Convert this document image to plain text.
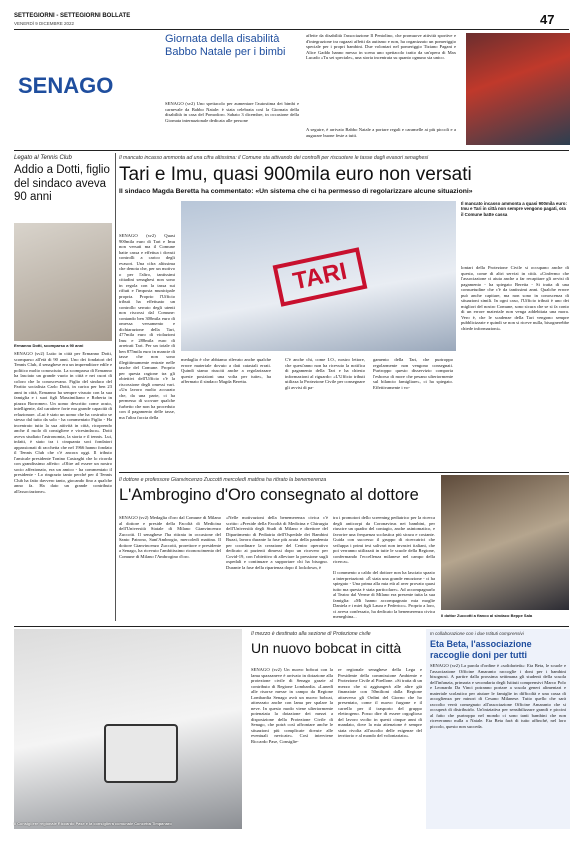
SETTEGIORNI - SETTEGIORNI BOLLATE
VENERDÌ 9 DICEMBRE 2022	47
SENAGO
Giornata della disabilità Babbo Natale per i bimbi
SENAGO (sv2) Uno spettacolo per aumentare l'autostima dei bimbi e carnevale da Babbo Natale: è stata celebrata così la Giornata della disabilità in casa del Pomodoro. Sabato 3 dicembre, in occasione della Giornata internazionale dedicata alle persone
affette da disabilità l'associazione Il Pentolino, che promuove attività sportive e d'integrazione tra ragazzi affetti da autismo e non, ha organizzato un pomeriggio speciale per i propri bambini. Due volontari nel pomeriggio Tiziano Pagani e Alice Gaddo hanno messo in scena uno spettacolo tratto da un'opera di Max Lucado «Tu sei speciale», una storia incentrata su quanto ognuno sia unico.
A seguire, è arrivato Babbo Natale a portare regali e caramelle ai più piccoli e a augurare buone feste a tutti.
Legato al Tennis Club
Addio a Dotti, figlio del sindaco aveva 90 anni
Ermanno Dotti, scomparso a 90 anni
SENAGO (sv2) Lutto in città per Ermanno Dotti, scomparso all'età di 90 anni. Uno dei fondatori del Tennis Club, il senaghese era un imprenditore edile e politico molto conosciuto. La scomparsa di Ermanno ha lasciato un grande vuoto in città e nei cuori di coloro che lo conoscevano. Figlio del sindaco del Partito socialista Carlo Dotti, in carica per ben 23 anni in città, Ermanno ha sempre vissuto con la sua famiglia e i suoi figli Massimiliano e Roberta in piazza Borromeo. Un uomo descritto come acuto, intelligente, dal carattere forte ma grande capacità di relazionare. «Lui è stato un uomo che ha costruito se stesso dal tutto da solo - ha commentato Figlio - Ha incentrato tutto la sua attività in città, ricoprendo anche il ruolo di consigliere e vicesindaco». Dotti aveva studiato l'astronomia, la storia e il tennis. Lui, infatti, è stato tra i cinquanta soci fondatori appassionati di racchetta che nel 1966 hanno fondato il Tennis Club che c'è ancora oggi. Il tributo l'amicale presidente Tonino Castraghi che lo ricorda con grandissimo affetto: «Oltre ad essere un nostro socio affezionato, era un amico - ha commentato il presidente - Lo ringrazio tanto perché per il Tennis Club ha fatto davvero tanto, giocando fino a qualche anno fa. Ha dato un grande contributo all'associazione».
Il mancato incasso ammonta ad una cifra altissima: il Comune sta attivando dei controlli per riscuotere le tasse dagli evasori senaghesi
Tari e Imu, quasi 900mila euro non versati
Il sindaco Magda Beretta ha commentato: «Un sistema che ci ha permesso di regolarizzare alcune situazioni»
SENAGO (sv2) Quasi 900mila euro di Tari e Imu non versati ma il Comune batte cassa e effettua i dovuti controlli a carico degli evasori. Una cifra altissima che denota che, per un motivo o per l'altro, tantissimi cittadini senaghesi non sono in regola con la tassa sui rifiuti e l'imposta municipale propria. Proprio l'Ufficio tributi ha effettuato un controllo serrato degli utenti non riscossi dal Comune: contando ben 300mila euro di omessa versamento e dichiarazione della Tari, 477mila euro di violazioni Imu e 288mila euro di arretrati Tari. Per un totale di ben 875mila euro in mancie di tasse che non sono illegittimamente entrate nelle tasche del Comune. Proprio per questa ragione tra gli obiettivi dell'Ufficio c'è la riscossione degli omessi vari. «Un lavoro molto accurato che, da una parte, ci ha permesso di scovare qualche furbetto che non ha proceduto con il pagamento delle tasse, ma l'altra faccia della
TARI
Il mancato incasso ammonta a quasi 900mila euro: Imu e Tari in città non sempre vengono pagati, ora il Comune batte cassa
medaglia è che abbiamo rilevato anche qualche errore materiale dovuto a dati catastali errati. Quindi siamo riusciti anche a regolarizzare queste posizioni una volta per tutte», ha affermato il sindaco Magda Beretta.
C'è anche chi, come I.O., nostro lettore, che quest'anno non ha ricevuto la notifica di pagamento della Tari e ha chiesto informazioni al riguardo: «L'Ufficio tributi utilizza la Protezione Civile per consegnare gli avvisi di pa-
gamento della Tari, che purtroppo regolarmente non vengono consegnati. Purtroppo questo disservizio comporta l'esborso di more che pesano ulteriormente sul bilancio famigliare», ci ha spiegato. Effettivamente i vo-
lontari della Protezione Civile si occupano anche di questo, come di altri servizi in città. «Cinfermo che l'associazione ci aiuta anche a far recapitare gli avvisi di pagamento - ha spiegato Beretta - Si tratta di una consuetudine che c'è da tantissimi anni. Qualche errore può anche capitare, ma non sono in conoscenza di situazioni simili. In ogni caso, l'Ufficio tributi è uno dei migliori del nostro Comune, sono sicura che se si fa conto di un errore materiale non venga addebitata una mora. Vero è, che le scadenze della Tari vengono sempre pubblicizzate e quindi se non si riceve nulla, bisognerebbe chiede informazioni».
Il dottore e professore Gianvincenzo Zuccotti mercoledì mattina ha ritirato la benemerenza
L'Ambrogino d'Oro consegnato al dottore
SENAGO (sv2) Medaglia d'oro dal Comune di Milano al dottore e preside della Facoltà di Medicina dell'Università Statale di Milano Gianvincenzo Zuccotti. Il senaghese l'ha ritirata in occasione del Santo Patrono, Sant'Ambrogio, mercoledì mattina. Il dottore Gianvincenzo Zuccotti, prorettore e presidente a Senago, ha ricevuto l'ambitissimo riconoscimento del Comune di Milano l'Ambrogino d'oro.
«Nelle motivazioni della benemerenza civica c'è scritto: «Preside della Facoltà di Medicina e Chirurgia dell'Università degli Studi di Milano e direttore del Dipartimento di Pediatria dell'Ospedale dei Bambini Buzzi, lavora durante la fase più acuta della pandemia per coordinare la creazione del Centro operativo dedicato ai pazienti dimessi dopo un ricovero per Covid-19, con l'obiettivo di alleviare la pressione sugli ospedali e continuare a supportare chi ha bisogno. Durante la fase della ripartenza dopo il lockdown, è
tra i promotori dello screening pediatrico per la ricerca degli anticorpi da Coronavirus nei bambini, per riuscire un quadro del contagio, anche asintomatico, e favorire una frequenza scolastica più sicura e costante. Guida con successo il gruppo di ricercatrici che sviluppa i primi test salivari non invasivi italiani, che poi verranno utilizzati in tutte le scuole della Regione, confermando l'eccellenza milanese nel campo della ricerca».
Il dottor Zuccotti a fianco al sindaco Beppe Sala
Il commento a caldo del dottore non ha lasciato spazio a interpretazioni: «È stata una grande emozione - ci ha spiegato - Una prima alla mia età al aver provato quasi tutto ma questa è stata particolare». Ad accompagnarlo al Teatro dal Verme di Milano era presente tutta la sua famiglia: «Mi hanno accompagnato mia moglie Daniela e i miei figli Laura e Federico». Proprio a loro, ci aveva confessato, ha dedicato la benemerenza civica meneghina...
Il Consigliere regionale Riccardo Pase e la consigliera comunale Concetta Timpanaro
Il mezzo è destinato alla sezione di Protezione civile
Un nuovo bobcat in città
SENAGO (sv2) Un nuovo bobcat con la lama spazzaneve è arrivato in dotazione alla protezione civile di Senago grazie al contributo di Regione Lombardia. «Lunedì alle risorse messe in campo da Regione Lombardia Senago avrà un nuovo bobcat, attrezzato anche con lama per spalare la neve. In questo modo viene ulteriormente potenziata la dotazione dei mezzi a disposizione della Protezione Civile di Senago, che potrà così affrontare anche le situazioni più complicate dovute alle eventuali nevicate». Così interviene Riccardo Pase, Consiglie-
re regionale senaghese della Lega e Presidente della commissione Ambiente e Protezione Civile al Pirellone. «Si tratta di un mezzo che si aggiungerà alle altre già finanziate con 50milioni dalla Regione attraverso gli Ordini del Giorno che ho presentato, come il nuovo furgone e il carrello per il trasporto del gruppo elettrogeno. Posso dire di essere orgoglioso del lavoro svolto in questi cinque anni di mandato, dove la mia attenzione è sempre stata rivolta all'ascolto delle esigenze del territorio e al mondo del volontariato».
In collaborazione con i due Istituti comprensivi
Eta Beta, l'associazione raccoglie doni per tutti
SENAGO (sv2) La parola d'ordine è «solidarietà»: Eta Beta, le scuole e l'associazione Officine Amaranto raccoglie i doni per i bambini bisognosi. A partire dalla prossima settimana gli studenti della scuola dell'infanzia, primaria e secondaria degli Istituti comprensivi Marco Polo e Leonardo Da Vinci potranno portare a scuola generi alimentari e materiale scolastico per aiutare le famiglie in difficoltà e una cassa di accoglienza per minori di Cesano Milanese. Tutto quello che sarà raccolto verrà consegnato all'associazione Officine Amaranto che si occuperà di distribuirlo. Un'iniziativa per sensibilizzare grandi e piccini al fatto che purtroppo nel mondo ci sono tanti bambini che non riceveranno nulla a Natale. Eta Beta farà di tutto affinché, nel loro piccolo, questo non succeda.
